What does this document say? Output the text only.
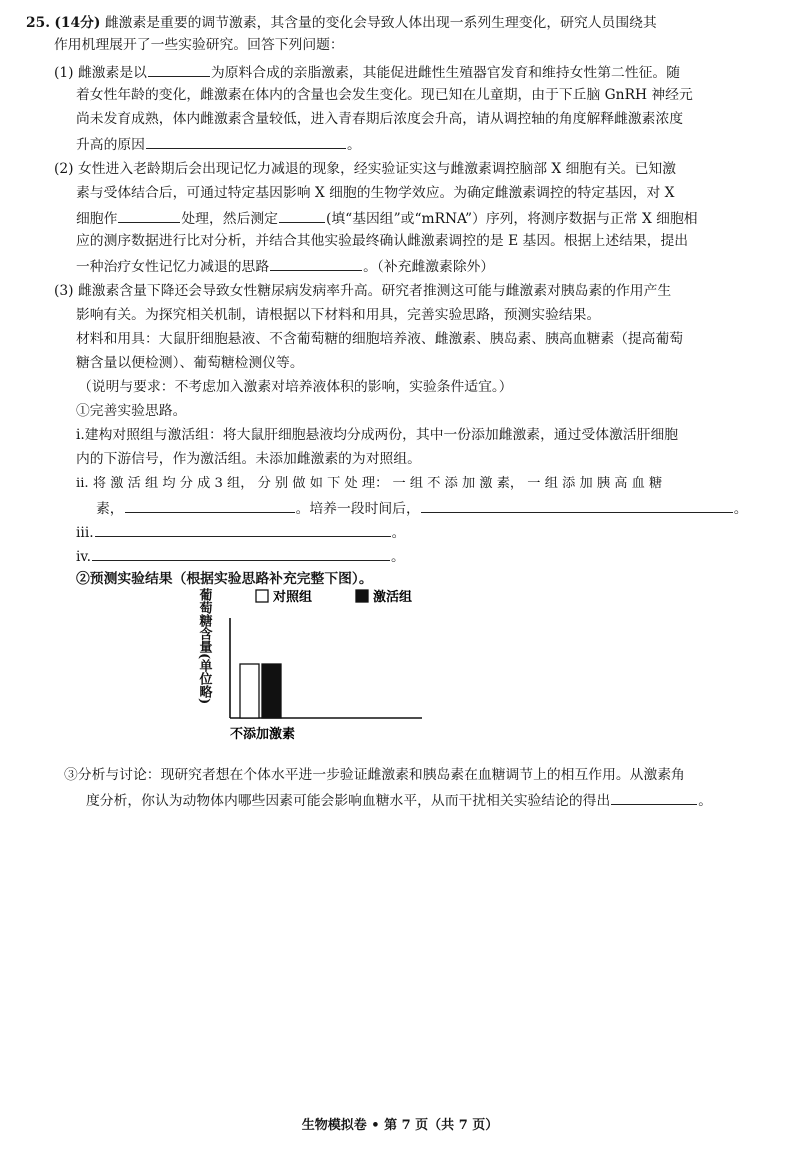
25. (14分) 雌激素是重要的调节激素，其含量的变化会导致人体出现一系列生理变化，研究人员围绕其
作用机理展开了一些实验研究。回答下列问题：
(1) 雌激素是以	为原料合成的亲脂激素，其能促进雌性生殖器官发育和维持女性第二性征。随
着女性年龄的变化，雌激素在体内的含量也会发生变化。现已知在儿童期，由于下丘脑 GnRH 神经元
尚未发育成熟，体内雌激素含量较低，进入青春期后浓度会升高，请从调控轴的角度解释雌激素浓度
升高的原因	。
(2) 女性进入老龄期后会出现记忆力减退的现象，经实验证实这与雌激素调控脑部 X 细胞有关。已知激
素与受体结合后，可通过特定基因影响 X 细胞的生物学效应。为确定雌激素调控的特定基因，对 X
细胞作	处理，然后测定	(填“基因组”或“mRNA”）序列，将测序数据与正常 X 细胞相
应的测序数据进行比对分析，并结合其他实验最终确认雌激素调控的是 E 基因。根据上述结果，提出
一种治疗女性记忆力减退的思路	。（补充雌激素除外）
(3) 雌激素含量下降还会导致女性糖尿病发病率升高。研究者推测这可能与雌激素对胰岛素的作用产生
影响有关。为探究相关机制，请根据以下材料和用具，完善实验思路，预测实验结果。
材料和用具：大鼠肝细胞悬液、不含葡萄糖的细胞培养液、雌激素、胰岛素、胰高血糖素（提高葡萄
糖含量以便检测）、葡萄糖检测仪等。
（说明与要求：不考虑加入激素对培养液体积的影响，实验条件适宜。）
①完善实验思路。
i.建构对照组与激活组：将大鼠肝细胞悬液均分成两份，其中一份添加雌激素，通过受体激活肝细胞
内的下游信号，作为激活组。未添加雌激素的为对照组。
ii. 将 激 活 组 均 分 成 3 组， 分 别 做 如 下 处 理： 一 组 不 添 加 激 素， 一 组 添 加 胰 高 血 糖
素，	。培养一段时间后，	。
iii.	。
iv.	。
②预测实验结果（根据实验思路补充完整下图）。
葡萄糖含量(单位略)	对照组	激活组
不添加激素
③分析与讨论：现研究者想在个体水平进一步验证雌激素和胰岛素在血糖调节上的相互作用。从激素角
度分析，你认为动物体内哪些因素可能会影响血糖水平，从而干扰相关实验结论的得出	。
生物模拟卷 • 第 7 页（共 7 页）
